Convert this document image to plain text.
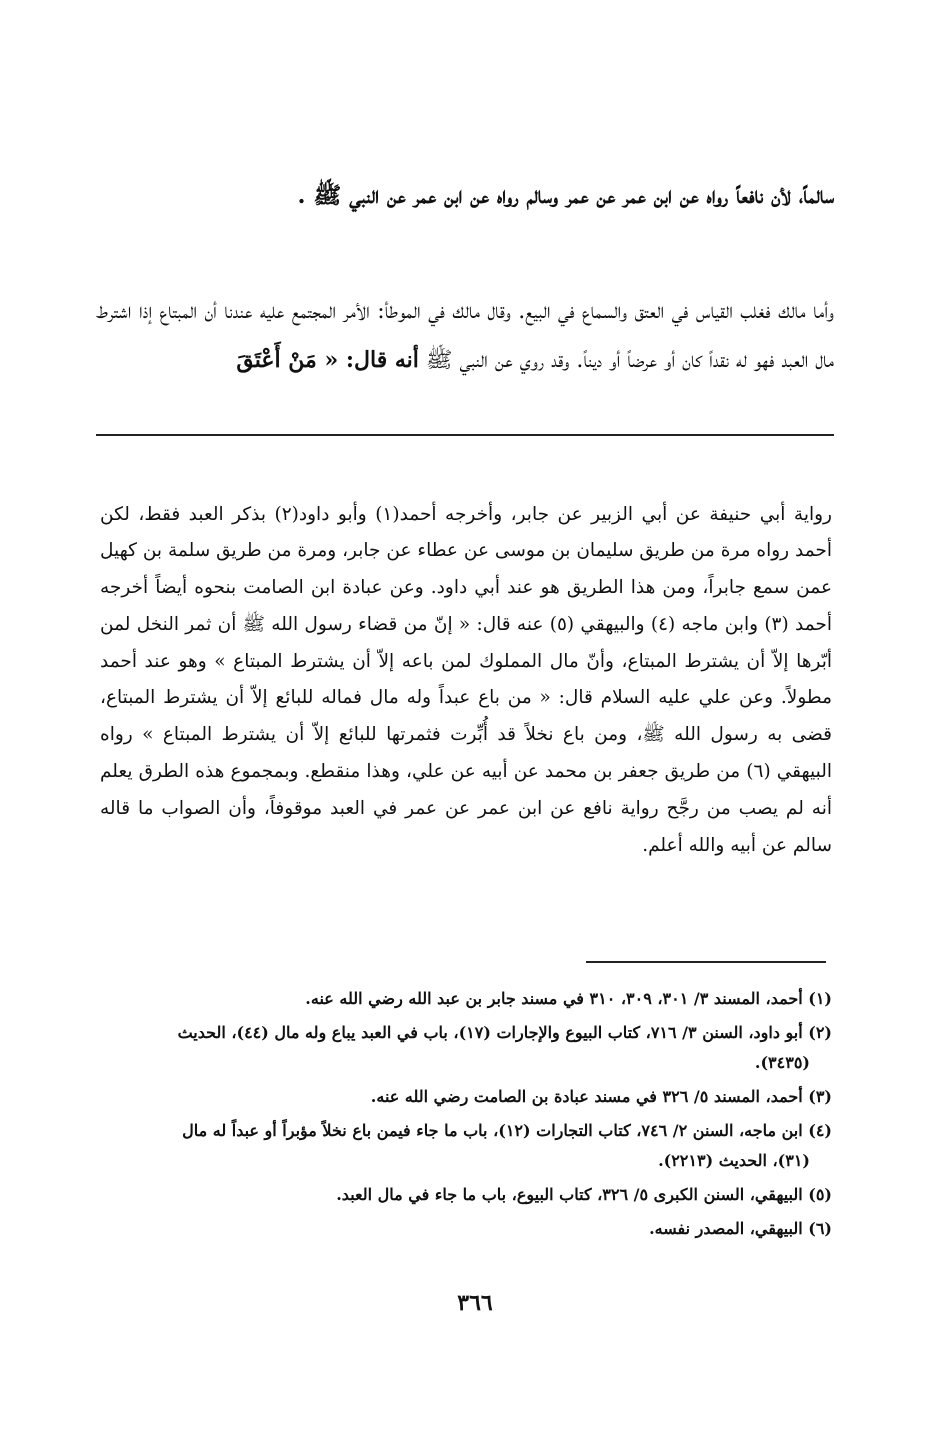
سالماً، لأن نافعاً رواه عن ابن عمر عن عمر وسالم رواه عن ابن عمر عن النبي ﷺ .

وأما مالك فغلب القياس في العتق والسماع في البيع. وقال مالك في الموطأ: الأمر المجتمع عليه عندنا أن المبتاع إذا اشترط مال العبد فهو له نقداً كان أو عرضاً أو ديناً. وقد روي عن النبي ﷺ أنه قال: « مَنْ أَعْتَقَ

رواية أبي حنيفة عن أبي الزبير عن جابر، وأخرجه أحمد(١) وأبو داود(٢) بذكر العبد فقط، لكن أحمد رواه مرة من طريق سليمان بن موسى عن عطاء عن جابر، ومرة من طريق سلمة بن كهيل عمن سمع جابراً، ومن هذا الطريق هو عند أبي داود. وعن عبادة ابن الصامت بنحوه أيضاً أخرجه أحمد (٣) وابن ماجه (٤) والبيهقي (٥) عنه قال: « إنّ من قضاء رسول الله ﷺ أن ثمر النخل لمن أبّرها إلاّ أن يشترط المبتاع، وأنّ مال المملوك لمن باعه إلاّ أن يشترط المبتاع » وهو عند أحمد مطولاً. وعن علي عليه السلام قال: « من باع عبداً وله مال فماله للبائع إلاّ أن يشترط المبتاع، قضى به رسول الله ﷺ، ومن باع نخلاً قد أُبِّرت فثمرتها للبائع إلاّ أن يشترط المبتاع » رواه البيهقي (٦) من طريق جعفر بن محمد عن أبيه عن علي، وهذا منقطع. وبمجموع هذه الطرق يعلم أنه لم يصب من رجَّح رواية نافع عن ابن عمر عن عمر في العبد موقوفاً، وأن الصواب ما قاله سالم عن أبيه والله أعلم.

(١) أحمد، المسند ٣/ ٣٠١، ٣٠٩، ٣١٠ في مسند جابر بن عبد الله رضي الله عنه.
(٢) أبو داود، السنن ٣/ ٧١٦، كتاب البيوع والإجارات (١٧)، باب في العبد يباع وله مال (٤٤)، الحديث
(٣٤٣٥).
(٣) أحمد، المسند ٥/ ٣٢٦ في مسند عبادة بن الصامت رضي الله عنه.
(٤) ابن ماجه، السنن ٢/ ٧٤٦، كتاب التجارات (١٢)، باب ما جاء فيمن باع نخلاً مؤبراً أو عبداً له مال
(٣١)، الحديث (٢٢١٣).
(٥) البيهقي، السنن الكبرى ٥/ ٣٢٦، كتاب البيوع، باب ما جاء في مال العبد.
(٦) البيهقي، المصدر نفسه.
٣٦٦
